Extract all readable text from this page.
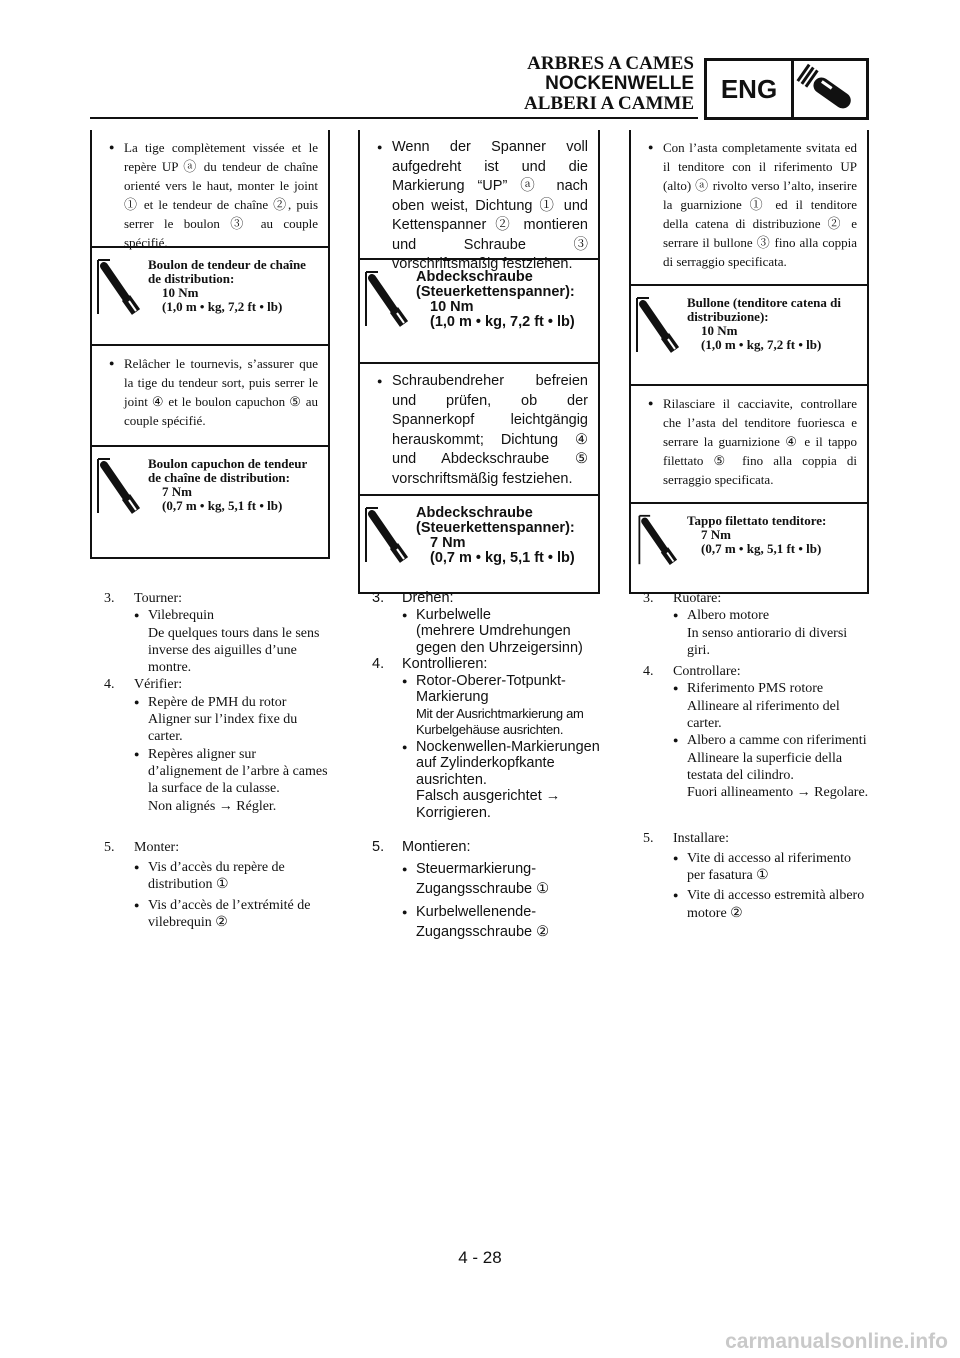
ARBRES A CAMES
NOCKENWELLE
ALBERI A CAMME	ENG
● La tige complètement vissée et le repère UP ⓐ du tendeur de chaîne orienté vers le haut, monter le joint ① et le tendeur de chaîne ②, puis serrer le boulon ③ au couple spécifié.
Boulon de tendeur de chaîne de distribution:
10 Nm
(1,0 m • kg, 7,2 ft • lb)
● Relâcher le tournevis, s’assurer que la tige du tendeur sort, puis serrer le joint ④ et le boulon capuchon ⑤ au couple spécifié.
Boulon capuchon de tendeur de chaîne de distribution:
7 Nm
(0,7 m • kg, 5,1 ft • lb)
● Wenn der Spanner voll aufgedreht ist und die Markierung “UP” ⓐ nach oben weist, Dichtung ① und Kettenspanner ② montieren und Schraube ③ vorschriftsmäßig festziehen.
Abdeckschraube (Steuerkettenspanner):
10 Nm
(1,0 m • kg, 7,2 ft • lb)
● Schraubendreher befreien und prüfen, ob der Spannerkopf leichtgängig herauskommt; Dichtung ④ und Abdeckschraube ⑤ vorschriftsmäßig festziehen.
Abdeckschraube (Steuerkettenspanner):
7 Nm
(0,7 m • kg, 5,1 ft • lb)
● Con l’asta completamente svitata ed il tenditore con il riferimento UP (alto) ⓐ rivolto verso l’alto, inserire la guarnizione ① ed il tenditore della catena di distribuzione ② e serrare il bullone ③ fino alla coppia di serraggio specificata.
Bullone (tenditore catena di distribuzione):
10 Nm
(1,0 m • kg, 7,2 ft • lb)
● Rilasciare il cacciavite, controllare che l’asta del tenditore fuoriesca e serrare la guarnizione ④ e il tappo filettato ⑤ fino alla coppia di serraggio specificata.
Tappo filettato tenditore:
7 Nm
(0,7 m • kg, 5,1 ft • lb)
3. Tourner:
● Vilebrequin
De quelques tours dans le sens inverse des aiguilles d’une montre.
4. Vérifier:
● Repère de PMH du rotor
Aligner sur l’index fixe du carter.
● Repères aligner sur d’alignement de l’arbre à cames la surface de la culasse.
Non alignés → Régler.
5. Monter:
● Vis d’accès du repère de distribution ①
● Vis d’accès de l’extrémité de vilebrequin ②
3. Drehen:
● Kurbelwelle
(mehrere Umdrehungen gegen den Uhrzeigersinn)
4. Kontrollieren:
● Rotor-Oberer-Totpunkt-Markierung
Mit der Ausrichtmarkierung am Kurbelgehäuse ausrichten.
● Nockenwellen-Markierungen auf Zylinderkopfkante ausrichten.
Falsch ausgerichtet → Korrigieren.
5. Montieren:
● Steuermarkierung-Zugangsschraube ①
● Kurbelwellenende-Zugangsschraube ②
3. Ruotare:
● Albero motore
In senso antiorario di diversi giri.
4. Controllare:
● Riferimento PMS rotore
Allineare al riferimento del carter.
● Albero a camme con riferimenti
Allineare la superficie della testata del cilindro.
Fuori allineamento → Regolare.
5. Installare:
● Vite di accesso al riferimento per fasatura ①
● Vite di accesso estremità albero motore ②
4 - 28
carmanualsonline.info
